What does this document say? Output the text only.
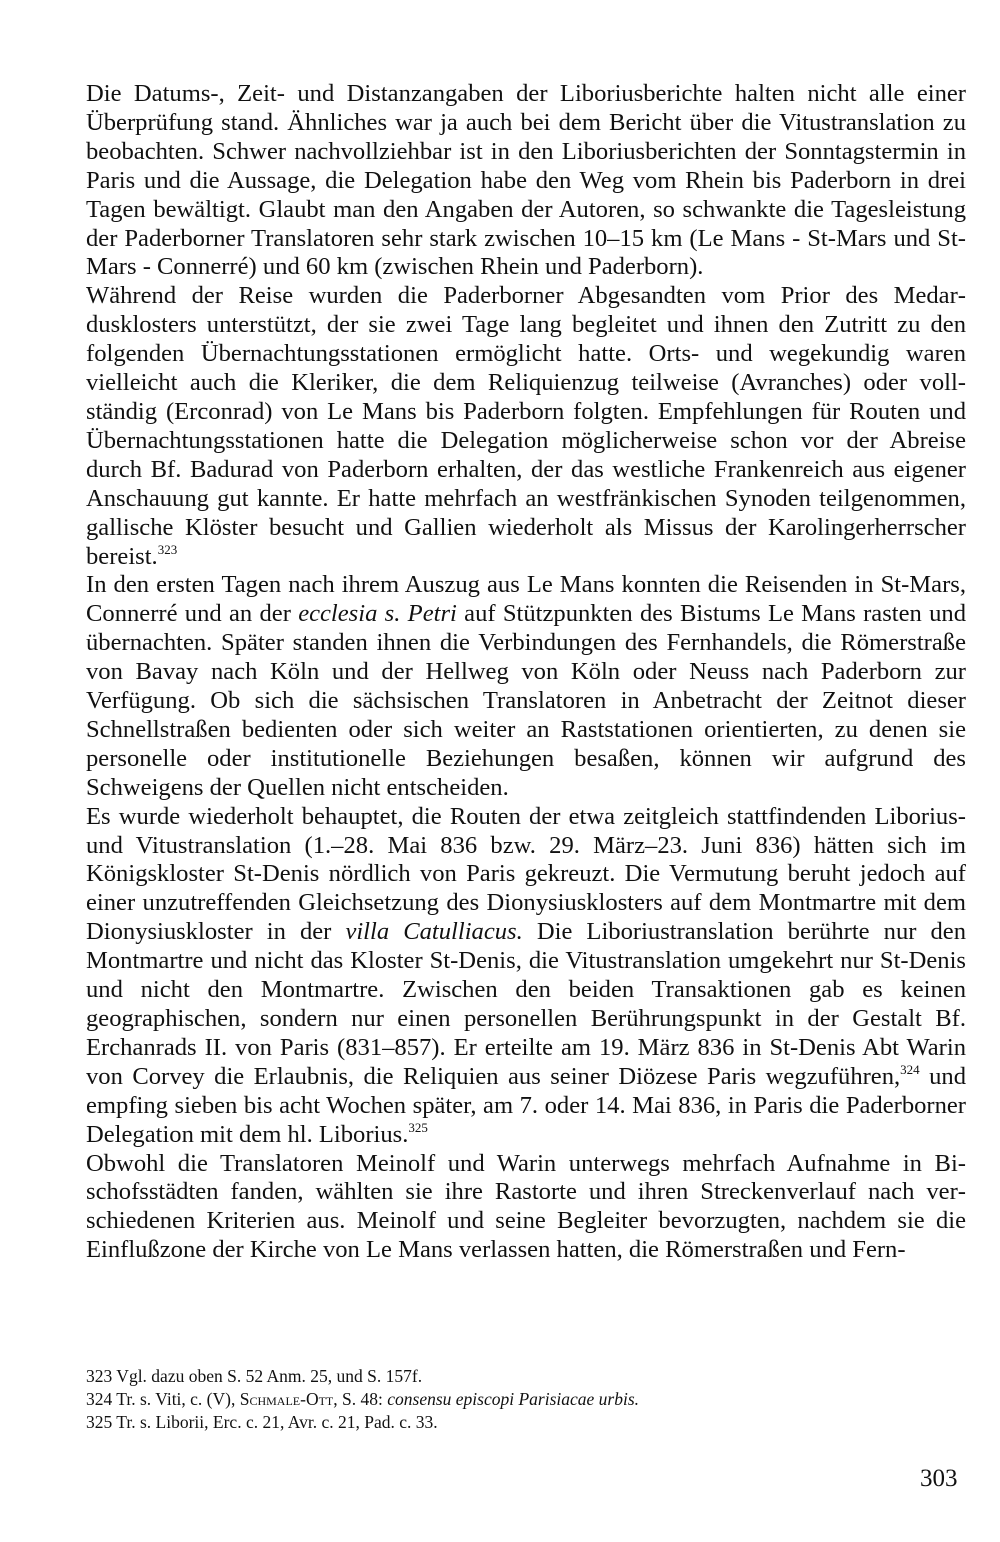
Die Datums-, Zeit- und Distanzangaben der Liboriusberichte halten nicht alle einer Überprüfung stand. Ähnliches war ja auch bei dem Bericht über die Vitustranslation zu beobachten. Schwer nachvollziehbar ist in den Liboriusberichten der Sonntagstermin in Paris und die Aussage, die Delegation habe den Weg vom Rhein bis Paderborn in drei Tagen bewältigt. Glaubt man den Angaben der Autoren, so schwankte die Tagesleistung der Paderborner Translatoren sehr stark zwischen 10–15 km (Le Mans - St-Mars und St-Mars - Connerré) und 60 km (zwischen Rhein und Paderborn).

Während der Reise wurden die Paderborner Abgesandten vom Prior des Medardusklosters unterstützt, der sie zwei Tage lang begleitet und ihnen den Zutritt zu den folgenden Übernachtungsstationen ermöglicht hatte. Orts- und wegekundig waren vielleicht auch die Kleriker, die dem Reliquienzug teilweise (Avranches) oder vollständig (Erconrad) von Le Mans bis Paderborn folgten. Empfehlungen für Routen und Übernachtungsstationen hatte die Delegation möglicherweise schon vor der Abreise durch Bf. Badurad von Paderborn erhalten, der das westliche Frankenreich aus eigener Anschauung gut kannte. Er hatte mehrfach an westfränkischen Synoden teilgenommen, gallische Klöster besucht und Gallien wiederholt als Missus der Karolingerherrscher bereist.$^{323}$

In den ersten Tagen nach ihrem Auszug aus Le Mans konnten die Reisenden in St-Mars, Connerré und an der ecclesia s. Petri auf Stützpunkten des Bistums Le Mans rasten und übernachten. Später standen ihnen die Verbindungen des Fernhandels, die Römerstraße von Bavay nach Köln und der Hellweg von Köln oder Neuss nach Paderborn zur Verfügung. Ob sich die sächsischen Translatoren in Anbetracht der Zeitnot dieser Schnellstraßen bedienten oder sich weiter an Raststationen orientierten, zu denen sie personelle oder institutionelle Beziehungen besaßen, können wir aufgrund des Schweigens der Quellen nicht entscheiden.

Es wurde wiederholt behauptet, die Routen der etwa zeitgleich stattfindenden Liborius- und Vitustranslation (1.–28. Mai 836 bzw. 29. März–23. Juni 836) hätten sich im Königskloster St-Denis nördlich von Paris gekreuzt. Die Vermutung beruht jedoch auf einer unzutreffenden Gleichsetzung des Dionysiusklosters auf dem Montmartre mit dem Dionysiuskloster in der villa Catulliacus. Die Liboriustranslation berührte nur den Montmartre und nicht das Kloster St-Denis, die Vitustranslation umgekehrt nur St-Denis und nicht den Montmartre. Zwischen den beiden Transaktionen gab es keinen geographischen, sondern nur einen personellen Berührungspunkt in der Gestalt Bf. Erchanrads II. von Paris (831–857). Er erteilte am 19. März 836 in St-Denis Abt Warin von Corvey die Erlaubnis, die Reliquien aus seiner Diözese Paris wegzuführen,$^{324}$ und empfing sieben bis acht Wochen später, am 7. oder 14. Mai 836, in Paris die Paderborner Delegation mit dem hl. Liborius.$^{325}$

Obwohl die Translatoren Meinolf und Warin unterwegs mehrfach Aufnahme in Bischofsstädten fanden, wählten sie ihre Rastorte und ihren Streckenverlauf nach verschiedenen Kriterien aus. Meinolf und seine Begleiter bevorzugten, nachdem sie die Einflußzone der Kirche von Le Mans verlassen hatten, die Römerstraßen und Fern-

323 Vgl. dazu oben S. 52 Anm. 25, und S. 157f.
324 Tr. s. Viti, c. (V), Schmale-Ott, S. 48: consensu episcopi Parisiacae urbis.
325 Tr. s. Liborii, Erc. c. 21, Avr. c. 21, Pad. c. 33.
303
